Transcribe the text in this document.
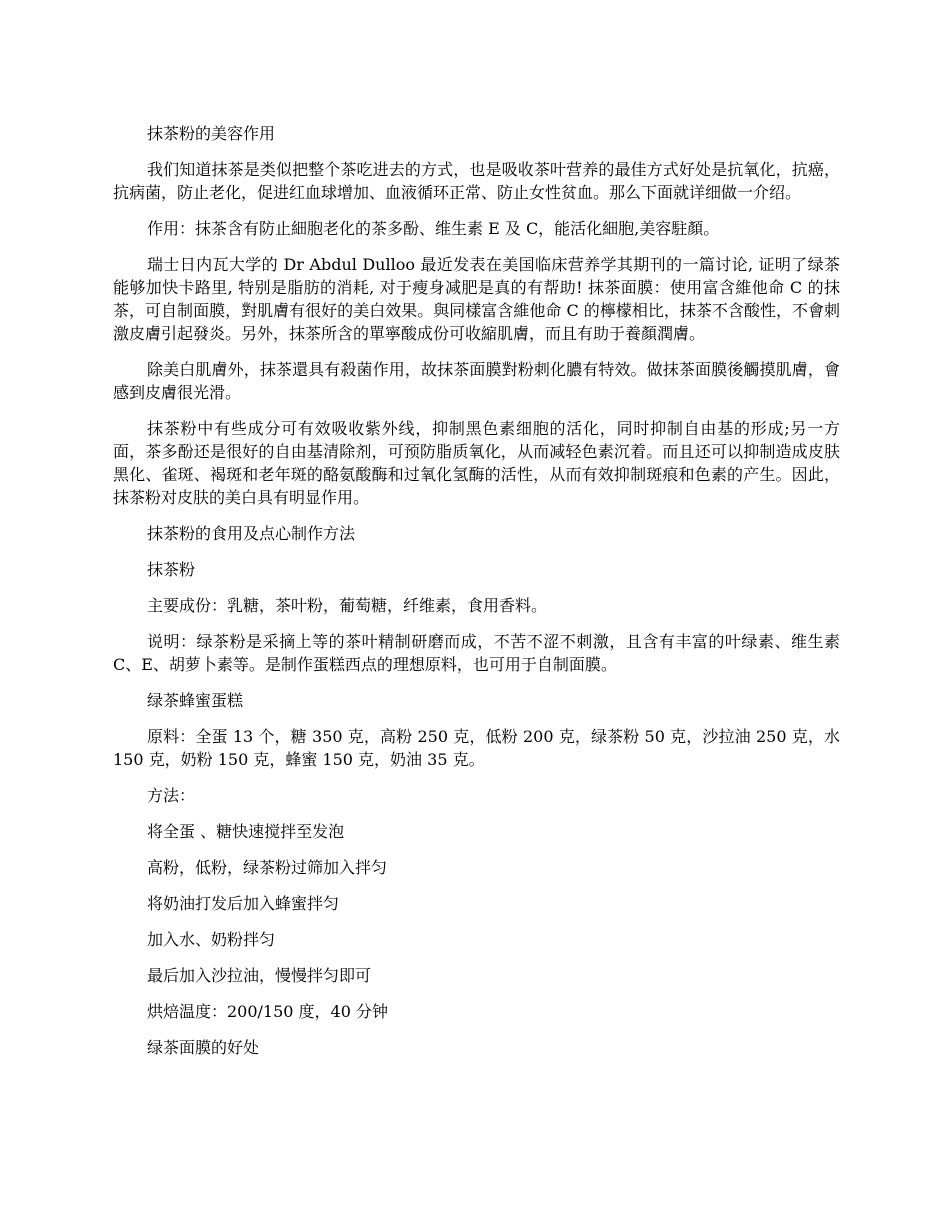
抹茶粉的美容作用

我们知道抹茶是类似把整个茶吃进去的方式，也是吸收茶叶营养的最佳方式好处是抗氧化，抗癌，抗病菌，防止老化，促进红血球增加、血液循环正常、防止女性贫血。那么下面就详细做一介绍。

作用：抹茶含有防止細胞老化的茶多酚、维生素 E 及 C，能活化細胞,美容駐顏。

瑞士日内瓦大学的 Dr Abdul Dulloo 最近发表在美国临床营养学其期刊的一篇讨论, 证明了绿茶能够加快卡路里, 特别是脂肪的消耗, 对于瘦身减肥是真的有帮助! 抹茶面膜：使用富含維他命 C 的抹茶，可自制面膜，對肌膚有很好的美白效果。與同樣富含維他命 C 的檸檬相比，抹茶不含酸性，不會刺激皮膚引起發炎。另外，抹茶所含的單寧酸成份可收縮肌膚，而且有助于養顏潤膚。

除美白肌膚外，抹茶還具有殺菌作用，故抹茶面膜對粉刺化膿有特效。做抹茶面膜後觸摸肌膚，會感到皮膚很光滑。

抹茶粉中有些成分可有效吸收紫外线，抑制黑色素细胞的活化，同时抑制自由基的形成;另一方面，茶多酚还是很好的自由基清除剂，可预防脂质氧化，从而减轻色素沉着。而且还可以抑制造成皮肤黑化、雀斑、褐斑和老年斑的酪氨酸酶和过氧化氢酶的活性，从而有效抑制斑痕和色素的产生。因此，抹茶粉对皮肤的美白具有明显作用。

抹茶粉的食用及点心制作方法

抹茶粉

主要成份：乳糖，茶叶粉，葡萄糖，纤维素，食用香料。

说明：绿茶粉是采摘上等的茶叶精制研磨而成，不苦不涩不刺激，且含有丰富的叶绿素、维生素 C、E、胡萝卜素等。是制作蛋糕西点的理想原料，也可用于自制面膜。

绿茶蜂蜜蛋糕

原料：全蛋 13 个，糖 350 克，高粉 250 克，低粉 200 克，绿茶粉 50 克，沙拉油 250 克，水 150 克，奶粉 150 克，蜂蜜 150 克，奶油 35 克。

方法：

将全蛋 、糖快速搅拌至发泡

高粉，低粉，绿茶粉过筛加入拌匀

将奶油打发后加入蜂蜜拌匀

加入水、奶粉拌匀

最后加入沙拉油，慢慢拌匀即可

烘焙温度：200/150 度，40 分钟

绿茶面膜的好处
